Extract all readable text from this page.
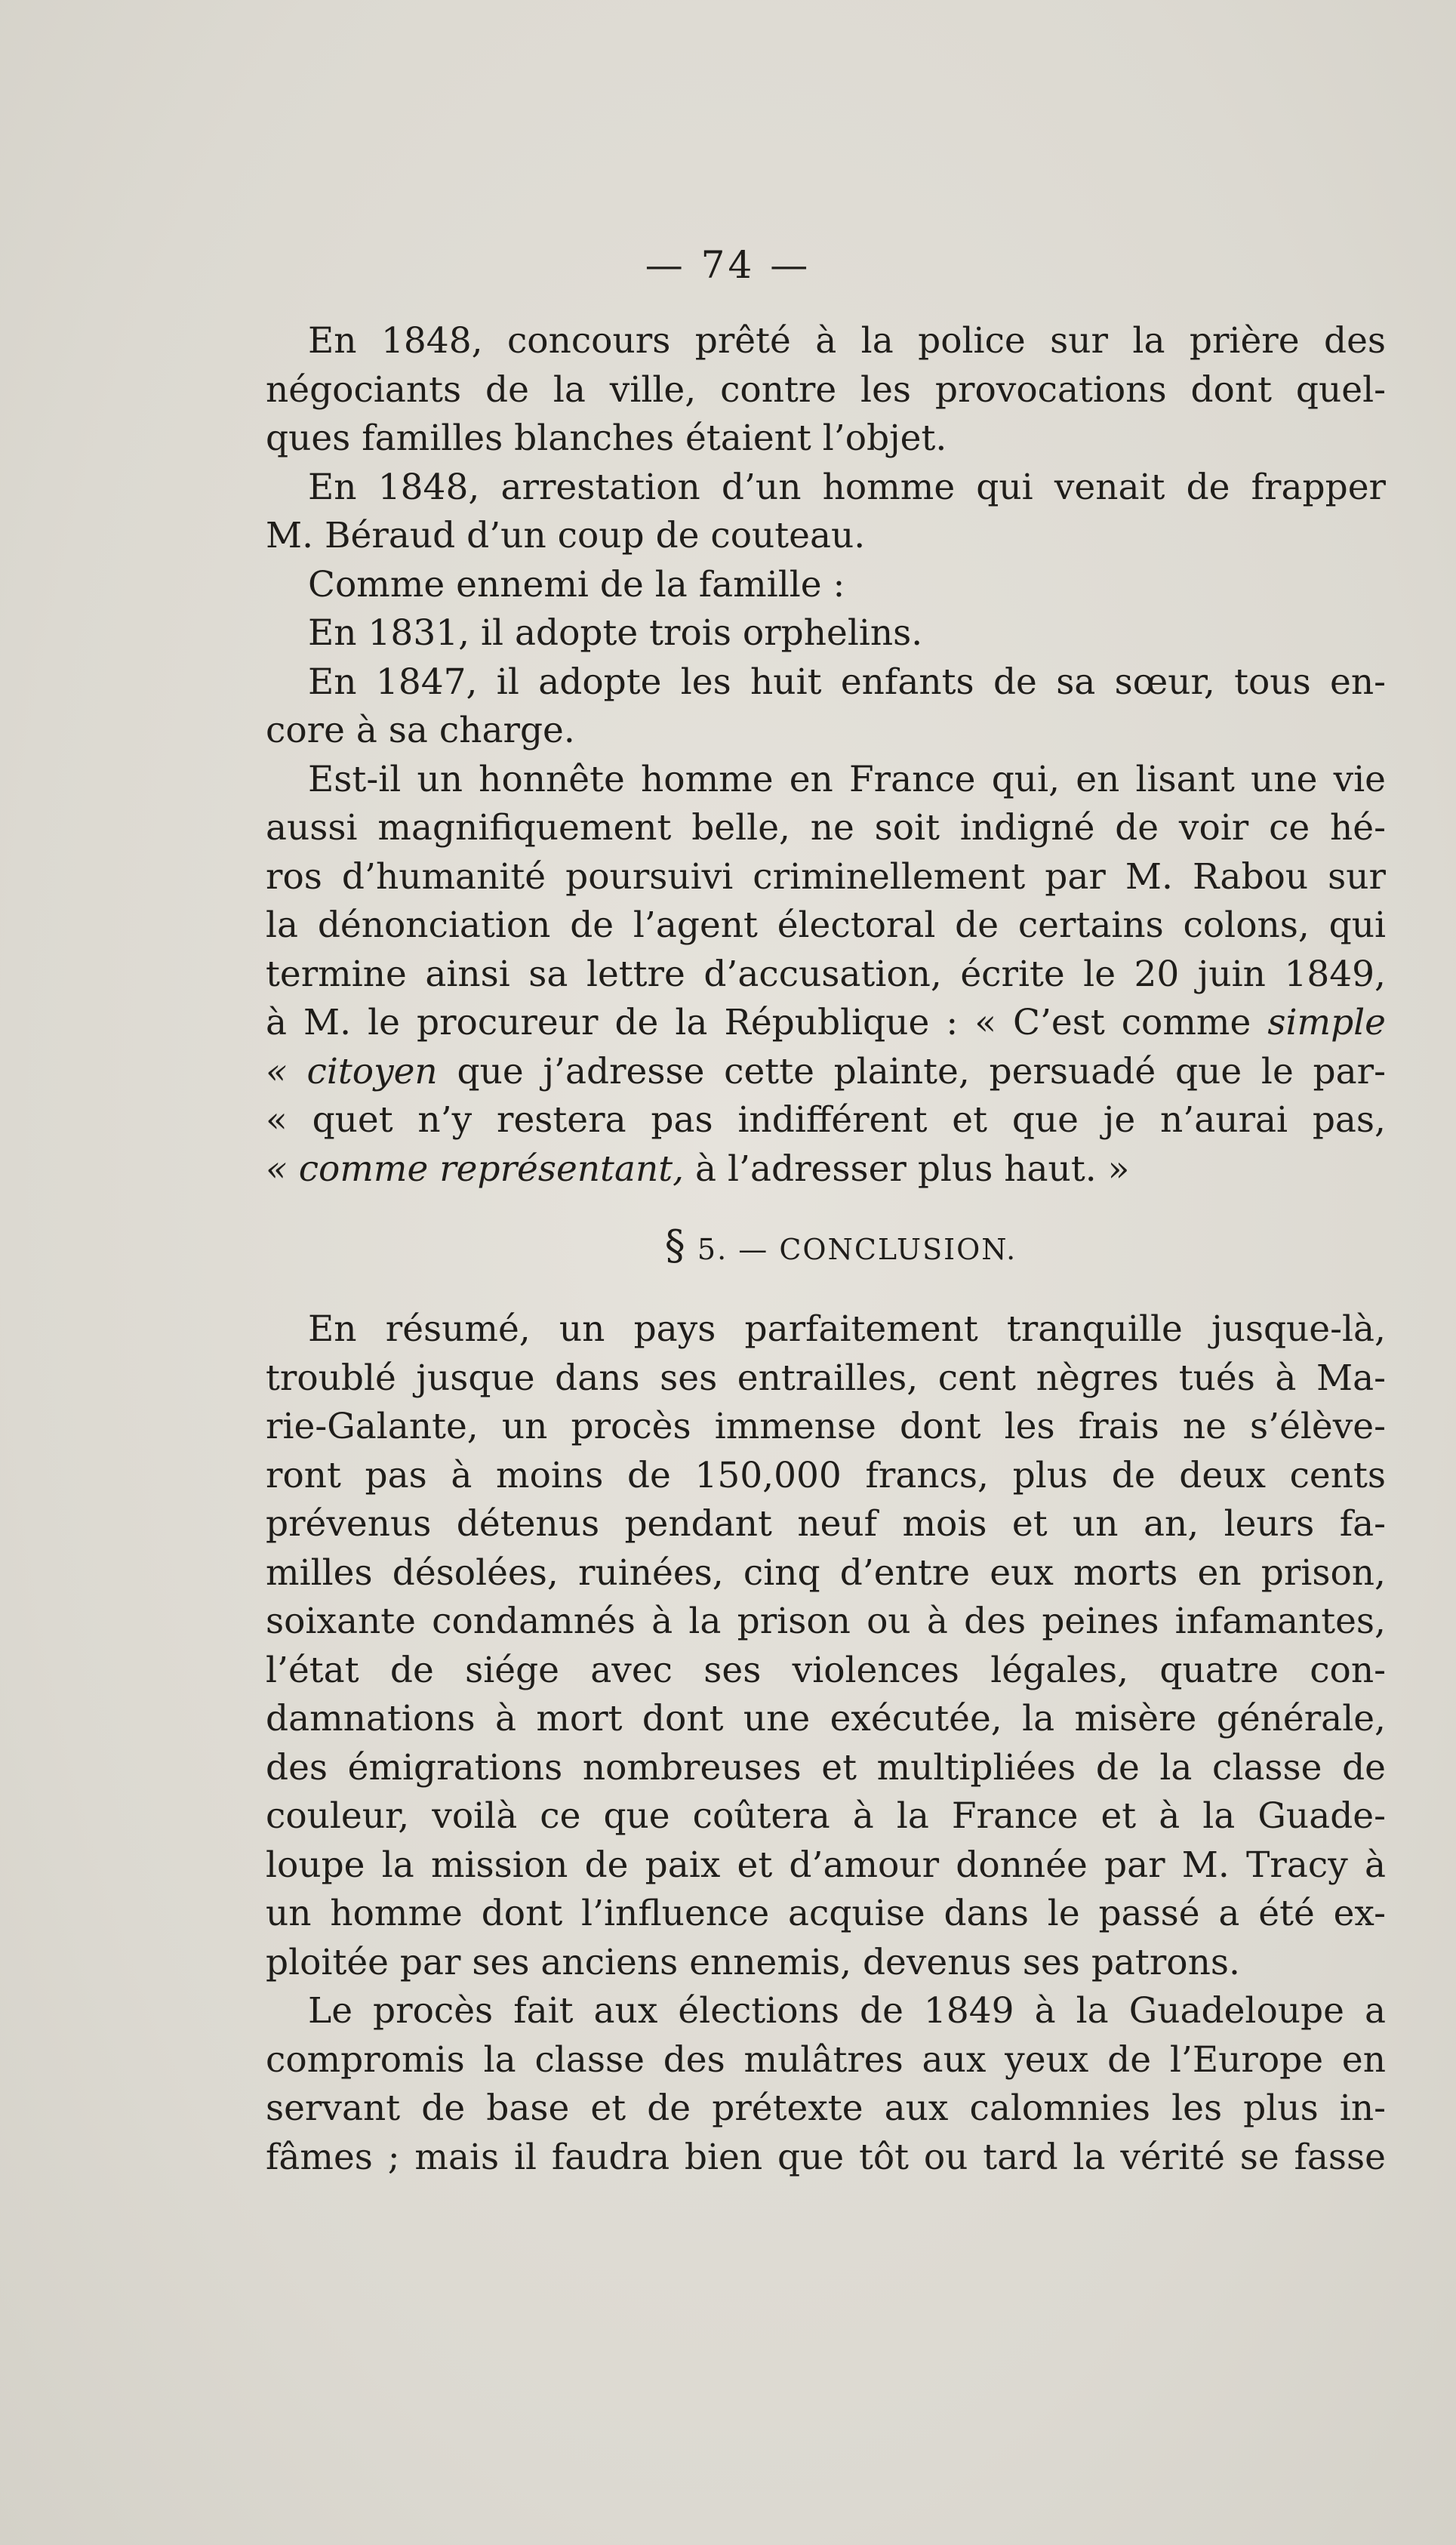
— 74 —
En 1848, concours prêté à la police sur la prière des
négociants de la ville, contre les provocations dont quel-
ques familles blanches étaient l’objet.
En 1848, arrestation d’un homme qui venait de frapper
M. Béraud d’un coup de couteau.
Comme ennemi de la famille :
En 1831, il adopte trois orphelins.
En 1847, il adopte les huit enfants de sa sœur, tous en-
core à sa charge.
Est-il un honnête homme en France qui, en lisant une vie
aussi magnifiquement belle, ne soit indigné de voir ce hé-
ros d’humanité poursuivi criminellement par M. Rabou sur
la dénonciation de l’agent électoral de certains colons, qui
termine ainsi sa lettre d’accusation, écrite le 20 juin 1849,
à M. le procureur de la République : « C’est comme simple
« citoyen que j’adresse cette plainte, persuadé que le par-
« quet n’y restera pas indifférent et que je n’aurai pas,
« comme représentant, à l’adresser plus haut. »
§ 5. — CONCLUSION.
En résumé, un pays parfaitement tranquille jusque-là,
troublé jusque dans ses entrailles, cent nègres tués à Ma-
rie-Galante, un procès immense dont les frais ne s’élève-
ront pas à moins de 150,000 francs, plus de deux cents
prévenus détenus pendant neuf mois et un an, leurs fa-
milles désolées, ruinées, cinq d’entre eux morts en prison,
soixante condamnés à la prison ou à des peines infamantes,
l’état de siége avec ses violences légales, quatre con-
damnations à mort dont une exécutée, la misère générale,
des émigrations nombreuses et multipliées de la classe de
couleur, voilà ce que coûtera à la France et à la Guade-
loupe la mission de paix et d’amour donnée par M. Tracy à
un homme dont l’influence acquise dans le passé a été ex-
ploitée par ses anciens ennemis, devenus ses patrons.
Le procès fait aux élections de 1849 à la Guadeloupe a
compromis la classe des mulâtres aux yeux de l’Europe en
servant de base et de prétexte aux calomnies les plus in-
fâmes ; mais il faudra bien que tôt ou tard la vérité se fasse
